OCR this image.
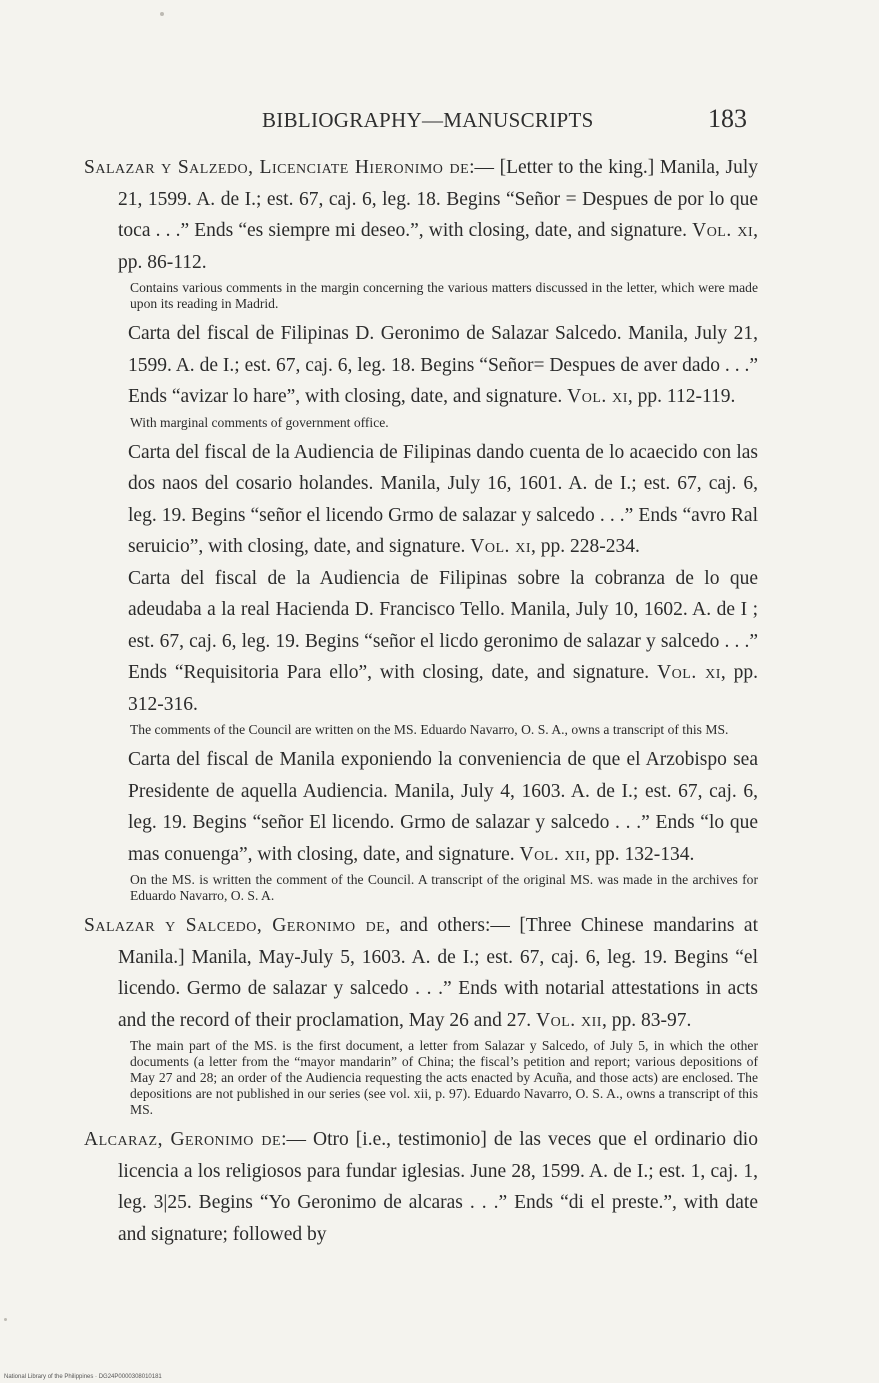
BIBLIOGRAPHY—MANUSCRIPTS	183

Salazar y Salzedo, Licenciate Hieronimo de:— [Letter to the king.] Manila, July 21, 1599. A. de I.; est. 67, caj. 6, leg. 18. Begins “Señor = Despues de por lo que toca . . .” Ends “es siempre mi deseo.”, with closing, date, and signature. Vol. xi, pp. 86-112.

Contains various comments in the margin concerning the various matters discussed in the letter, which were made upon its reading in Madrid.

Carta del fiscal de Filipinas D. Geronimo de Salazar Salcedo. Manila, July 21, 1599. A. de I.; est. 67, caj. 6, leg. 18. Begins “Señor= Despues de aver dado . . .” Ends “avizar lo hare”, with closing, date, and signature. Vol. xi, pp. 112-119.

With marginal comments of government office.

Carta del fiscal de la Audiencia de Filipinas dando cuenta de lo acaecido con las dos naos del cosario holandes. Manila, July 16, 1601. A. de I.; est. 67, caj. 6, leg. 19. Begins “señor el licendo Grmo de salazar y salcedo . . .” Ends “avro Ral seruicio”, with closing, date, and signature. Vol. xi, pp. 228-234.

Carta del fiscal de la Audiencia de Filipinas sobre la cobranza de lo que adeudaba a la real Hacienda D. Francisco Tello. Manila, July 10, 1602. A. de I ; est. 67, caj. 6, leg. 19. Begins “señor el licdo geronimo de salazar y salcedo . . .” Ends “Requisitoria Para ello”, with closing, date, and signature. Vol. xi, pp. 312-316.

The comments of the Council are written on the MS. Eduardo Navarro, O. S. A., owns a transcript of this MS.

Carta del fiscal de Manila exponiendo la conveniencia de que el Arzobispo sea Presidente de aquella Audiencia. Manila, July 4, 1603. A. de I.; est. 67, caj. 6, leg. 19. Begins “señor El licendo. Grmo de salazar y salcedo . . .” Ends “lo que mas conuenga”, with closing, date, and signature. Vol. xii, pp. 132-134.

On the MS. is written the comment of the Council. A transcript of the original MS. was made in the archives for Eduardo Navarro, O. S. A.

Salazar y Salcedo, Geronimo de, and others:— [Three Chinese mandarins at Manila.] Manila, May-July 5, 1603. A. de I.; est. 67, caj. 6, leg. 19. Begins “el licendo. Germo de salazar y salcedo . . .” Ends with notarial attestations in acts and the record of their proclamation, May 26 and 27. Vol. xii, pp. 83-97.

The main part of the MS. is the first document, a letter from Salazar y Salcedo, of July 5, in which the other documents (a letter from the “mayor mandarin” of China; the fiscal’s petition and report; various depositions of May 27 and 28; an order of the Audiencia requesting the acts enacted by Acuña, and those acts) are enclosed. The depositions are not published in our series (see vol. xii, p. 97). Eduardo Navarro, O. S. A., owns a transcript of this MS.

Alcaraz, Geronimo de:— Otro [i.e., testimonio] de las veces que el ordinario dio licencia a los religiosos para fundar iglesias. June 28, 1599. A. de I.; est. 1, caj. 1, leg. 3|25. Begins “Yo Geronimo de alcaras . . .” Ends “di el preste.”, with date and signature; followed by

National Library of the Philippines · DG24P0000308010181
